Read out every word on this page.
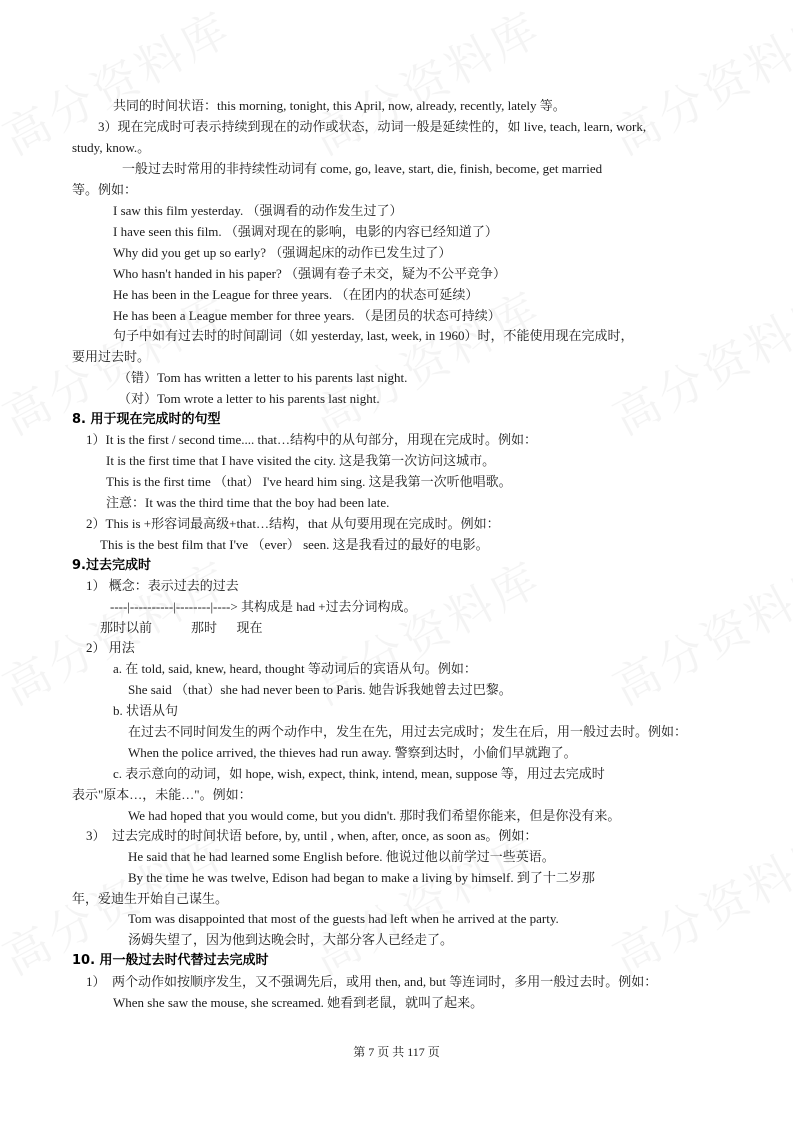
共同的时间状语：this morning, tonight, this April, now, already, recently, lately 等。
3）现在完成时可表示持续到现在的动作或状态，动词一般是延续性的，如 live, teach, learn, work,
study, know.。
一般过去时常用的非持续性动词有 come, go, leave, start, die, finish, become, get married
等。例如：
I saw this film yesterday. （强调看的动作发生过了）
I have seen this film. （强调对现在的影响，电影的内容已经知道了）
Why did you get up so early? （强调起床的动作已发生过了）
Who hasn't handed in his paper? （强调有卷子未交，疑为不公平竞争）
He has been in the League for three years. （在团内的状态可延续）
He has been a League member for three years. （是团员的状态可持续）
句子中如有过去时的时间副词（如 yesterday, last, week, in 1960）时，不能使用现在完成时，
要用过去时。
（错）Tom has written a letter to his parents last night.
（对）Tom wrote a letter to his parents last night.
8. 用于现在完成时的句型
1）It is the first / second time.... that…结构中的从句部分，用现在完成时。例如：
It is the first time that I have visited the city. 这是我第一次访问这城市。
This is the first time （that） I've heard him sing. 这是我第一次听他唱歌。
注意：It was the third time that the boy had been late.
2）This is +形容词最高级+that…结构，that 从句要用现在完成时。例如：
This is the best film that I've （ever） seen. 这是我看过的最好的电影。
9.过去完成时
1） 概念：表示过去的过去
----|----------|--------|----> 其构成是 had +过去分词构成。
那时以前            那时      现在
2） 用法
a. 在 told, said, knew, heard, thought 等动词后的宾语从句。例如：
She said （that）she had never been to Paris. 她告诉我她曾去过巴黎。
b. 状语从句
在过去不同时间发生的两个动作中，发生在先，用过去完成时；发生在后，用一般过去时。例如：
When the police arrived, the thieves had run away. 警察到达时，小偷们早就跑了。
c. 表示意向的动词，如 hope, wish, expect, think, intend, mean, suppose 等，用过去完成时
表示"原本…，未能…"。例如：
We had hoped that you would come, but you didn't. 那时我们希望你能来，但是你没有来。
3）  过去完成时的时间状语 before, by, until , when, after, once, as soon as。例如：
He said that he had learned some English before. 他说过他以前学过一些英语。
By the time he was twelve, Edison had began to make a living by himself. 到了十二岁那
年，爱迪生开始自己谋生。
Tom was disappointed that most of the guests had left when he arrived at the party.
汤姆失望了，因为他到达晚会时，大部分客人已经走了。
10. 用一般过去时代替过去完成时
1）  两个动作如按顺序发生，又不强调先后，或用 then, and, but 等连词时，多用一般过去时。例如：
When she saw the mouse, she screamed. 她看到老鼠，就叫了起来。
第 7 页 共 117 页
